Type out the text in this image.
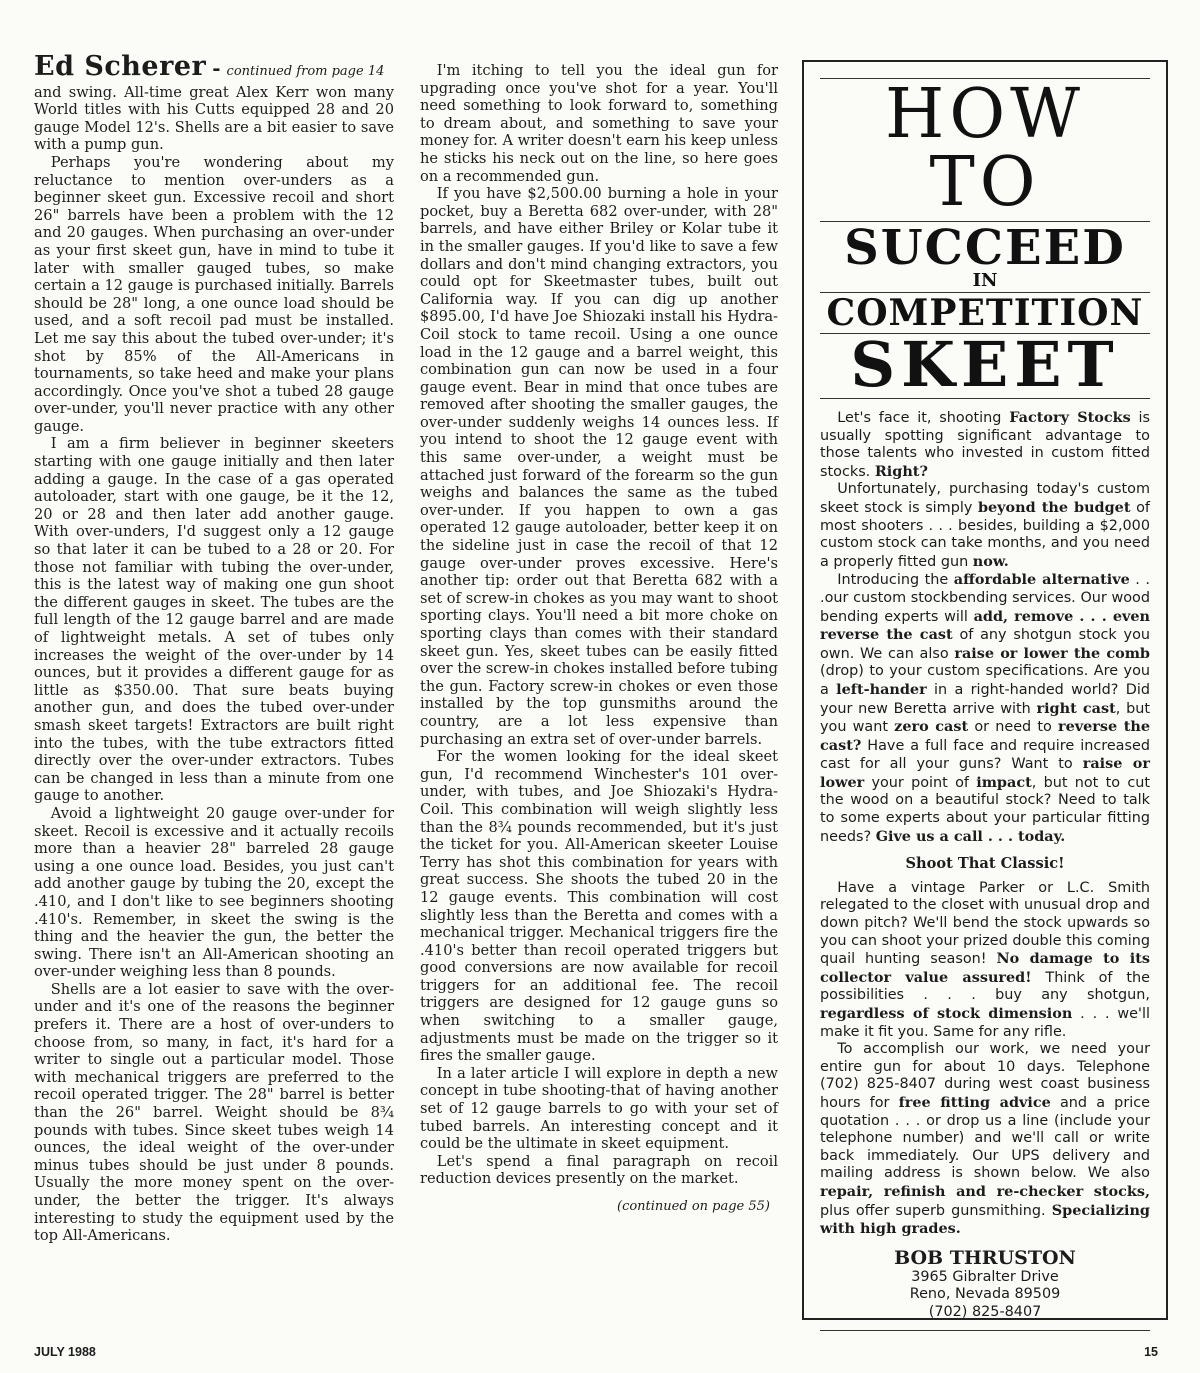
Ed Scherer - continued from page 14

and swing. All-time great Alex Kerr won many World titles with his Cutts equipped 28 and 20 gauge Model 12's. Shells are a bit easier to save with a pump gun.

Perhaps you're wondering about my reluctance to mention over-unders as a beginner skeet gun. Excessive recoil and short 26" barrels have been a problem with the 12 and 20 gauges. When purchasing an over-under as your first skeet gun, have in mind to tube it later with smaller gauged tubes, so make certain a 12 gauge is purchased initially. Barrels should be 28" long, a one ounce load should be used, and a soft recoil pad must be installed. Let me say this about the tubed over-under; it's shot by 85% of the All-Americans in tournaments, so take heed and make your plans accordingly. Once you've shot a tubed 28 gauge over-under, you'll never practice with any other gauge.

I am a firm believer in beginner skeeters starting with one gauge initially and then later adding a gauge. In the case of a gas operated autoloader, start with one gauge, be it the 12, 20 or 28 and then later add another gauge. With over-unders, I'd suggest only a 12 gauge so that later it can be tubed to a 28 or 20. For those not familiar with tubing the over-under, this is the latest way of making one gun shoot the different gauges in skeet. The tubes are the full length of the 12 gauge barrel and are made of lightweight metals. A set of tubes only increases the weight of the over-under by 14 ounces, but it provides a different gauge for as little as $350.00. That sure beats buying another gun, and does the tubed over-under smash skeet targets! Extractors are built right into the tubes, with the tube extractors fitted directly over the over-under extractors. Tubes can be changed in less than a minute from one gauge to another.

Avoid a lightweight 20 gauge over-under for skeet. Recoil is excessive and it actually recoils more than a heavier 28" barreled 28 gauge using a one ounce load. Besides, you just can't add another gauge by tubing the 20, except the .410, and I don't like to see beginners shooting .410's. Remember, in skeet the swing is the thing and the heavier the gun, the better the swing. There isn't an All-American shooting an over-under weighing less than 8 pounds.

Shells are a lot easier to save with the over-under and it's one of the reasons the beginner prefers it. There are a host of over-unders to choose from, so many, in fact, it's hard for a writer to single out a particular model. Those with mechanical triggers are preferred to the recoil operated trigger. The 28" barrel is better than the 26" barrel. Weight should be 8¾ pounds with tubes. Since skeet tubes weigh 14 ounces, the ideal weight of the over-under minus tubes should be just under 8 pounds. Usually the more money spent on the over-under, the better the trigger. It's always interesting to study the equipment used by the top All-Americans.

I'm itching to tell you the ideal gun for upgrading once you've shot for a year. You'll need something to look forward to, something to dream about, and something to save your money for. A writer doesn't earn his keep unless he sticks his neck out on the line, so here goes on a recommended gun.

If you have $2,500.00 burning a hole in your pocket, buy a Beretta 682 over-under, with 28" barrels, and have either Briley or Kolar tube it in the smaller gauges. If you'd like to save a few dollars and don't mind changing extractors, you could opt for Skeetmaster tubes, built out California way. If you can dig up another $895.00, I'd have Joe Shiozaki install his Hydra-Coil stock to tame recoil. Using a one ounce load in the 12 gauge and a barrel weight, this combination gun can now be used in a four gauge event. Bear in mind that once tubes are removed after shooting the smaller gauges, the over-under suddenly weighs 14 ounces less. If you intend to shoot the 12 gauge event with this same over-under, a weight must be attached just forward of the forearm so the gun weighs and balances the same as the tubed over-under. If you happen to own a gas operated 12 gauge autoloader, better keep it on the sideline just in case the recoil of that 12 gauge over-under proves excessive. Here's another tip: order out that Beretta 682 with a set of screw-in chokes as you may want to shoot sporting clays. You'll need a bit more choke on sporting clays than comes with their standard skeet gun. Yes, skeet tubes can be easily fitted over the screw-in chokes installed before tubing the gun. Factory screw-in chokes or even those installed by the top gunsmiths around the country, are a lot less expensive than purchasing an extra set of over-under barrels.

For the women looking for the ideal skeet gun, I'd recommend Winchester's 101 over-under, with tubes, and Joe Shiozaki's Hydra-Coil. This combination will weigh slightly less than the 8¾ pounds recommended, but it's just the ticket for you. All-American skeeter Louise Terry has shot this combination for years with great success. She shoots the tubed 20 in the 12 gauge events. This combination will cost slightly less than the Beretta and comes with a mechanical trigger. Mechanical triggers fire the .410's better than recoil operated triggers but good conversions are now available for recoil triggers for an additional fee. The recoil triggers are designed for 12 gauge guns so when switching to a smaller gauge, adjustments must be made on the trigger so it fires the smaller gauge.

In a later article I will explore in depth a new concept in tube shooting-that of having another set of 12 gauge barrels to go with your set of tubed barrels. An interesting concept and it could be the ultimate in skeet equipment.

Let's spend a final paragraph on recoil reduction devices presently on the market.

(continued on page 55)
HOW TO
SUCCEED
IN
COMPETITION
SKEET

Let's face it, shooting Factory Stocks is usually spotting significant advantage to those talents who invested in custom fitted stocks. Right?

Unfortunately, purchasing today's custom skeet stock is simply beyond the budget of most shooters . . . besides, building a $2,000 custom stock can take months, and you need a properly fitted gun now.

Introducing the affordable alternative . . .our custom stockbending services. Our wood bending experts will add, remove . . . even reverse the cast of any shotgun stock you own. We can also raise or lower the comb (drop) to your custom specifications. Are you a left-hander in a right-handed world? Did your new Beretta arrive with right cast, but you want zero cast or need to reverse the cast? Have a full face and require increased cast for all your guns? Want to raise or lower your point of impact, but not to cut the wood on a beautiful stock? Need to talk to some experts about your particular fitting needs? Give us a call . . . today.

Shoot That Classic!

Have a vintage Parker or L.C. Smith relegated to the closet with unusual drop and down pitch? We'll bend the stock upwards so you can shoot your prized double this coming quail hunting season! No damage to its collector value assured! Think of the possibilities . . . buy any shotgun, regardless of stock dimension . . . we'll make it fit you. Same for any rifle.

To accomplish our work, we need your entire gun for about 10 days. Telephone (702) 825-8407 during west coast business hours for free fitting advice and a price quotation . . . or drop us a line (include your telephone number) and we'll call or write back immediately. Our UPS delivery and mailing address is shown below. We also repair, refinish and re-checker stocks, plus offer superb gunsmithing. Specializing with high grades.

BOB THRUSTON
3965 Gibralter Drive
Reno, Nevada 89509
(702) 825-8407
JULY 1988	15
